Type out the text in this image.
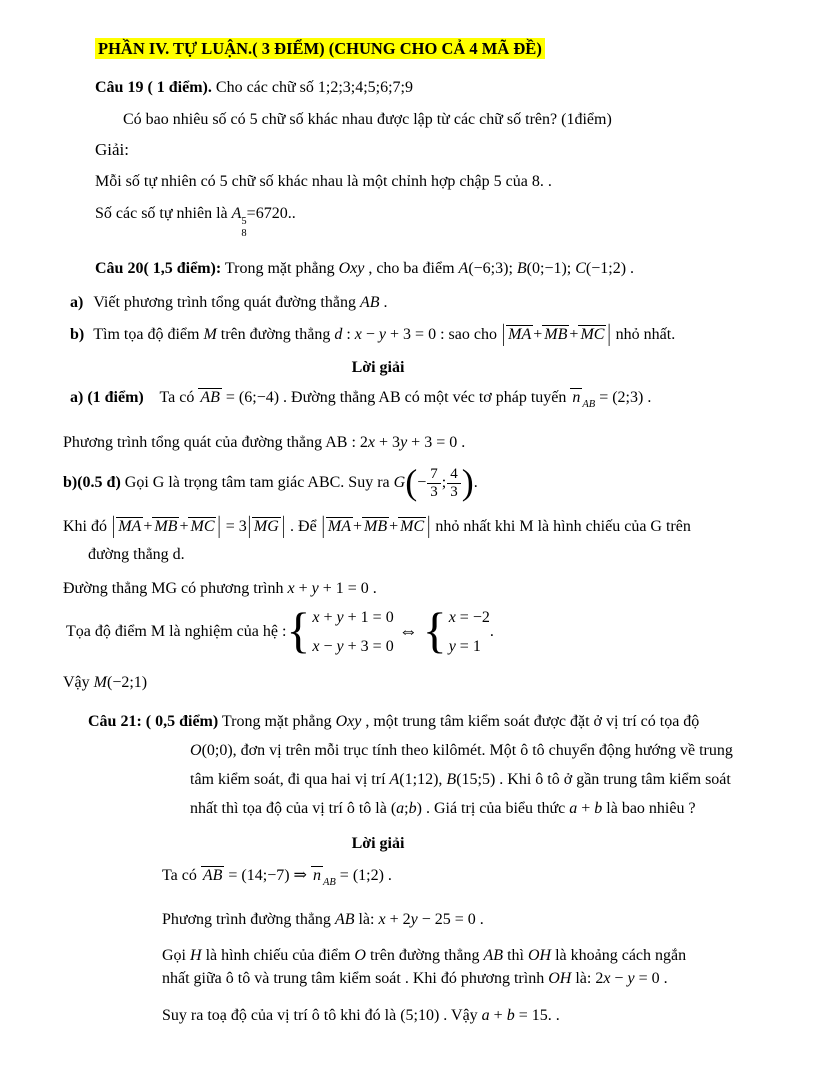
PHẦN IV. TỰ LUẬN.( 3 ĐIỂM) (CHUNG CHO CẢ 4 MÃ ĐỀ)
Câu 19 ( 1 điểm). Cho các chữ số 1;2;3;4;5;6;7;9
Có bao nhiêu số có 5 chữ số khác nhau được lập từ các chữ số trên? (1điểm)
Giải:
Mỗi số tự nhiên có 5 chữ số khác nhau là một chỉnh hợp chập 5 của 8. .
Số các số tự nhiên là A 5
8
=6720..
Câu 20( 1,5 điểm): Trong mặt phẳng Oxy , cho ba điểm A(−6;3); B(0;−1); C(−1;2) .
a) Viết phương trình tổng quát đường thẳng AB .
b) Tìm tọa độ điểm M trên đường thẳng d : x − y + 3 = 0 : sao cho | MA + MB + MC | nhỏ nhất.
Lời giải
a) (1 điểm) Ta có AB = (6;−4) . Đường thẳng AB có một véc tơ pháp tuyến n $_{AB}$ = (2;3) .
Phương trình tổng quát của đường thẳng AB : 2x + 3y + 3 = 0 .
b)(0.5 đ) Gọi G là trọng tâm tam giác ABC. Suy ra $G(- \frac{7}{3}$ ; $\frac{4}{3}$ ).
Khi đó | MA + MB + MC | = 3| MG | . Để | MA + MB + MC | nhỏ nhất khi M là hình chiếu của G trên
đường thẳng d.
Đường thẳng MG có phương trình x + y + 1 = 0 .
Tọa độ điểm M là nghiệm của hệ : { x + y + 1 = 0
x − y + 3 = 0
⇔ { x = −2
y = 1
.
Vậy M(−2;1)
Câu 21: ( 0,5 điểm) Trong mặt phẳng Oxy , một trung tâm kiểm soát được đặt ở vị trí có tọa độ
O(0;0), đơn vị trên mỗi trục tính theo kilômét. Một ô tô chuyển động hướng về trung
tâm kiểm soát, đi qua hai vị trí A(1;12), B(15;5) . Khi ô tô ở gần trung tâm kiểm soát
nhất thì tọa độ của vị trí ô tô là (a;b) . Giá trị của biểu thức a + b là bao nhiêu ?
Lời giải
Ta có AB = (14;−7) ⇒ n $_{AB}$ = (1;2) .
Phương trình đường thẳng AB là: x + 2y − 25 = 0 .
Gọi H là hình chiếu của điểm O trên đường thẳng AB thì OH là khoảng cách ngắn
nhất giữa ô tô và trung tâm kiểm soát . Khi đó phương trình OH là: 2x − y = 0 .
Suy ra toạ độ của vị trí ô tô khi đó là (5;10) . Vậy a + b = 15. .
